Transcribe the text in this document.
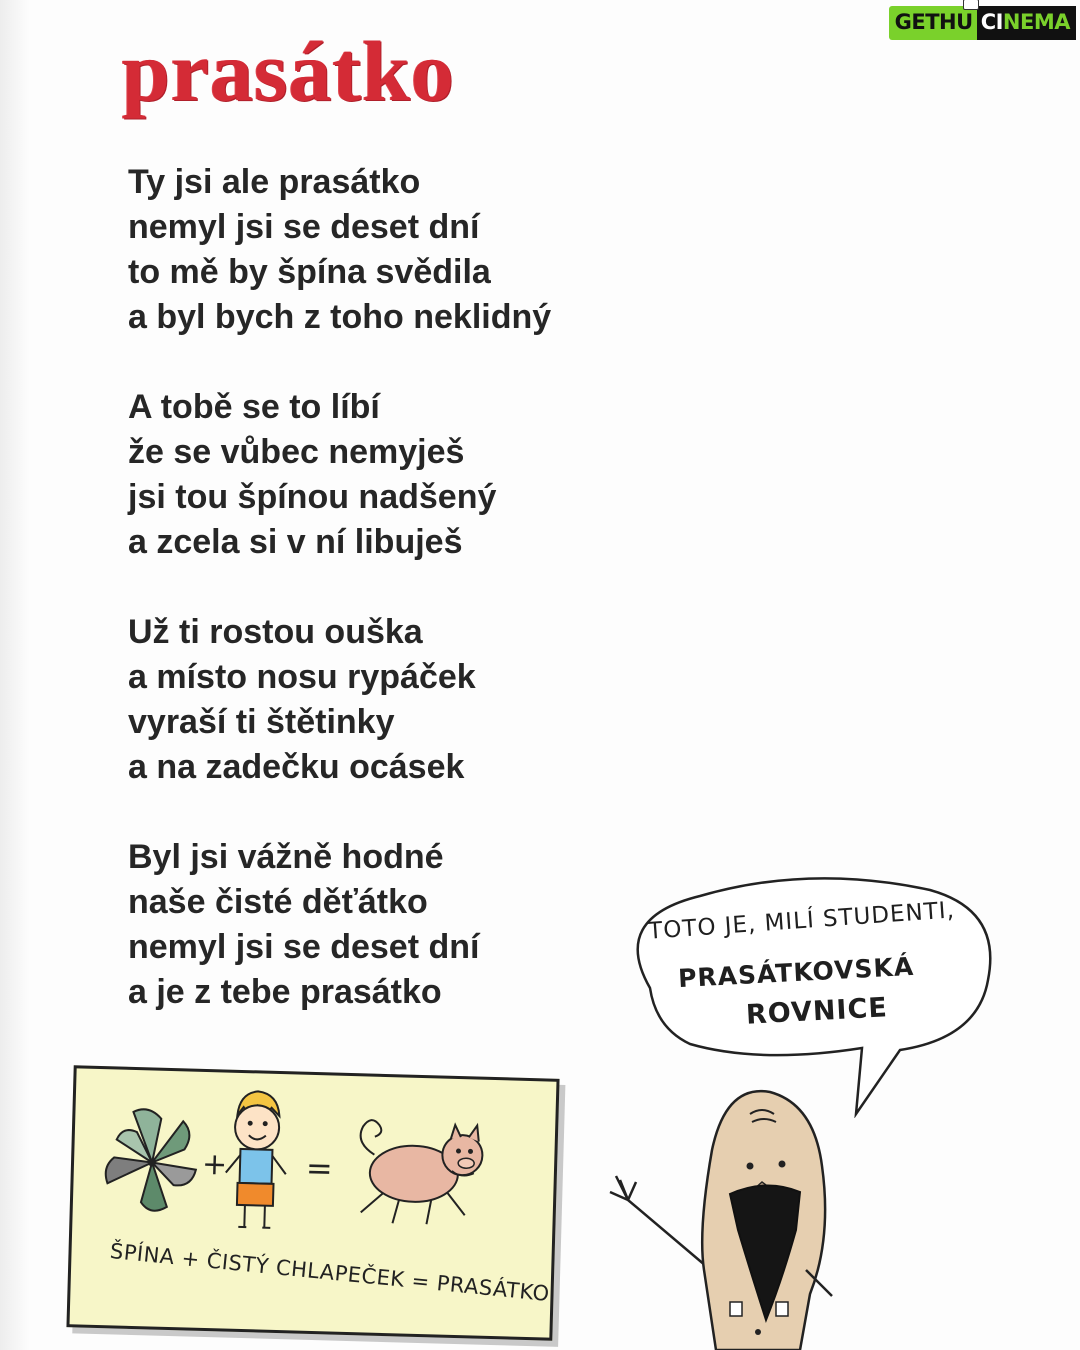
GETHU CINEMA
prasátko

Ty jsi ale prasátko
nemyl jsi se deset dní
to mě by špína svědila
a byl bych z toho neklidný

A tobě se to líbí
že se vůbec nemyješ
jsi tou špínou nadšený
a zcela si v ní libuješ

Už ti rostou ouška
a místo nosu rypáček
vyraší ti štětinky
a na zadečku ocásek

Byl jsi vážně hodné
naše čisté děťátko
nemyl jsi se deset dní
a je z tebe prasátko

+ =

ŠPÍNA + ČISTÝ CHLAPEČEK = PRASÁTKO

TOTO JE, MILÍ STUDENTI,
PRASÁTKOVSKÁ
ROVNICE
